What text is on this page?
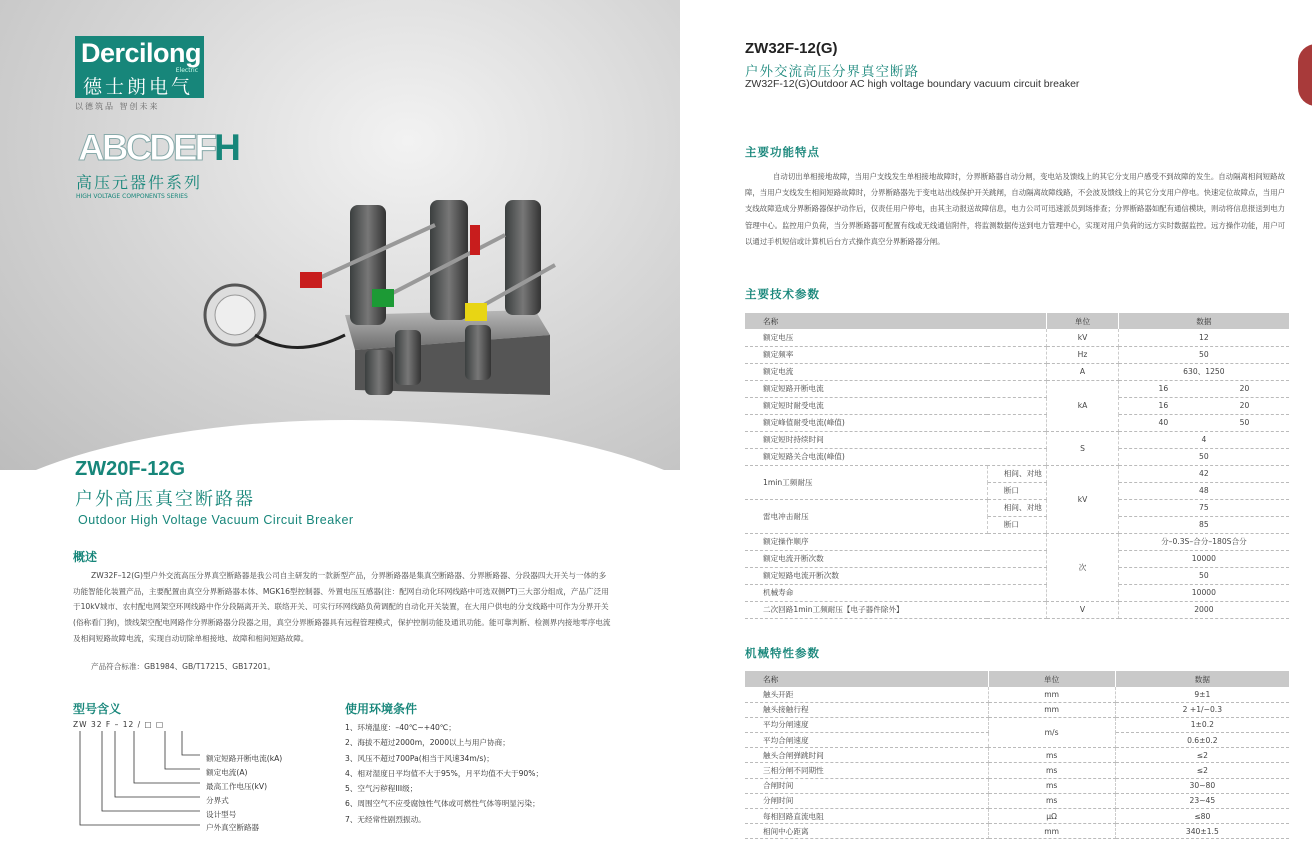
Dercilong
Electric
德士朗电气
以德筑品 智创未来
ABCDEFH
高压元器件系列
HIGH VOLTAGE COMPONENTS SERIES
ZW20F-12G
户外高压真空断路器
Outdoor High Voltage Vacuum Circuit Breaker
概述
ZW32F–12(G)型户外交流高压分界真空断路器是我公司自主研发的一款新型产品，分界断路器是集真空断路器、分界断路器、分段器四大开关与一体的多功能智能化装置产品，主要配置由真空分界断路器本体、MGK16型控制器、外置电压互感器(注：配网自动化环网线路中可选双侧PT)三大部分组成，产品广泛用于10kV城市、农村配电网架空环网线路中作分段隔离开关、联络开关、可实行环网线路负荷调配的自动化开关装置，在大用户供电的分支线路中可作为分界开关(俗称看门狗)，馈线架空配电网路作分界断路器分段器之用，真空分界断路器具有远程管理模式，保护控制功能及通讯功能。能可靠判断、检测界内接地零序电流及相间短路故障电流，实现自动切除单相接地、故障和相间短路故障。
产品符合标准：GB1984、GB/T17215、GB17201。
型号含义
ZW 32 F – 12 / □ □
额定短路开断电流(kA)
额定电流(A)
最高工作电压(kV)
分界式
设计型号
户外真空断路器
使用环境条件
1、环境温度：–40℃~+40℃；
2、海拔不超过2000m，2000以上与用户协商；
3、风压不超过700Pa(相当于风速34m/s)；
4、相对湿度日平均值不大于95%，月平均值不大于90%；
5、空气污秽程III级；
6、周围空气不应受腐蚀性气体或可燃性气体等明显污染；
7、无经常性剧烈振动。
ZW32F-12(G)
户外交流高压分界真空断路
ZW32F-12(G)Outdoor AC high voltage boundary vacuum circuit breaker
主要功能特点
自动切出单相接地故障，当用户支线发生单相接地故障时，分界断路器自动分闸，变电站及馈线上的其它分支用户感受不到故障的发生。自动隔离相间短路故障，当用户支线发生相间短路故障时，分界断路器先于变电站出线保护开关跳闸，自动隔离故障线路，不会波及馈线上的其它分支用户停电。快速定位故障点，当用户支线故障造成分界断路器保护动作后，仅责任用户停电，由其主动报送故障信息，电力公司可迅速派员到场排查；分界断路器如配有通信模块，则动将信息报送到电力管理中心。监控用户负荷，当分界断路器可配置有线或无线通信附件，将监测数据传送到电力管理中心，实现对用户负荷的远方实时数据监控。远方操作功能，用户可以通过手机短信或计算机后台方式操作真空分界断路器分闸。
主要技术参数
名称		单位	数据
额定电压		kV	12
额定频率		Hz	50
额定电流		A	630、1250
额定短路开断电流		kA	16 20

额定短时耐受电流			16 20

额定峰值耐受电流(峰值)			40 50

额定短时持续时间		S	4
额定短路关合电流(峰值)			50
1min工频耐压	相间、对地	kV	42
	断口		48
雷电冲击耐压	相间、对地		75
	断口		85
额定操作顺序		次	分–0.3S–合分–180S合分
额定电流开断次数			10000
额定短路电流开断次数			50
机械寿命			10000
二次回路1min工频耐压【电子器件除外】		V	2000
机械特性参数
名称	单位	数据
触头开距	mm	9±1
触头接触行程	mm	2 +1/−0.3
平均分闸速度	m/s	1±0.2
平均合闸速度		0.6±0.2
触头合闸弹跳时间	ms	≤2
三相分闸不同期性	ms	≤2
合闸时间	ms	30~80
分闸时间	ms	23~45
每相回路直流电阻	μΩ	≤80
相间中心距离	mm	340±1.5
